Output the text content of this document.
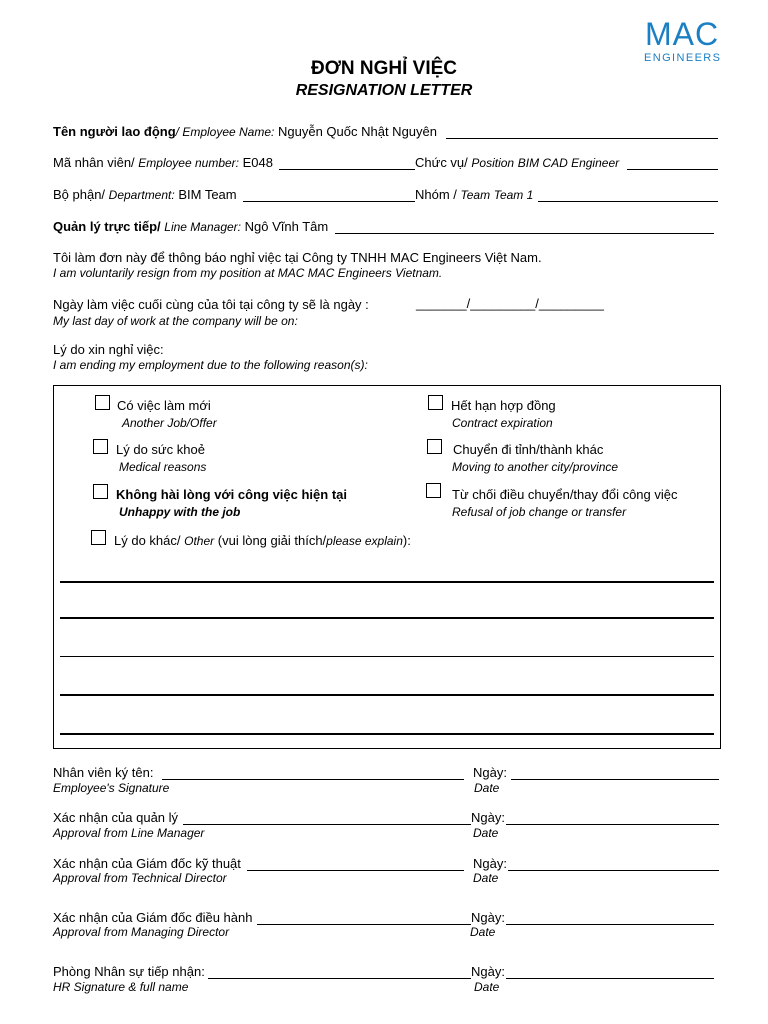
MAC
ENGINEERS
ĐƠN NGHỈ VIỆC
RESIGNATION LETTER
Tên người lao động/ Employee Name: Nguyễn Quốc Nhật Nguyên
Mã nhân viên/ Employee number: E048	Chức vụ/ Position BIM CAD Engineer
Bộ phận/ Department: BIM Team	Nhóm / Team Team 1
Quản lý trực tiếp/ Line Manager: Ngô Vĩnh Tâm
Tôi làm đơn này để thông báo nghỉ việc tại Công ty TNHH MAC Engineers Việt Nam.
I am voluntarily resign from my position at MAC MAC Engineers Vietnam.
Ngày làm việc cuối cùng của tôi tại công ty sẽ là ngày :	_______/_________/_________
My last day of work at the company will be on:
Lý do xin nghỉ việc:
I am ending my employment due to the following reason(s):
Có việc làm mới
Another Job/Offer
Hết hạn hợp đồng
Contract expiration
Lý do sức khoẻ
Medical reasons
Chuyển đi tỉnh/thành khác
Moving to another city/province
Không hài lòng với công việc hiện tại
Unhappy with the job
Từ chối điều chuyển/thay đổi công việc
Refusal of job change or transfer
Lý do khác/ Other (vui lòng giải thích/please explain):
Nhân viên ký tên:	Ngày:
Employee's Signature	Date
Xác nhận của quản lý	Ngày:
Approval from Line Manager	Date
Xác nhận của Giám đốc kỹ thuật	Ngày:
Approval from Technical Director	Date
Xác nhận của Giám đốc điều hành	Ngày:
Approval from Managing Director	Date
Phòng Nhân sự tiếp nhận:	Ngày:
HR Signature & full name	Date
